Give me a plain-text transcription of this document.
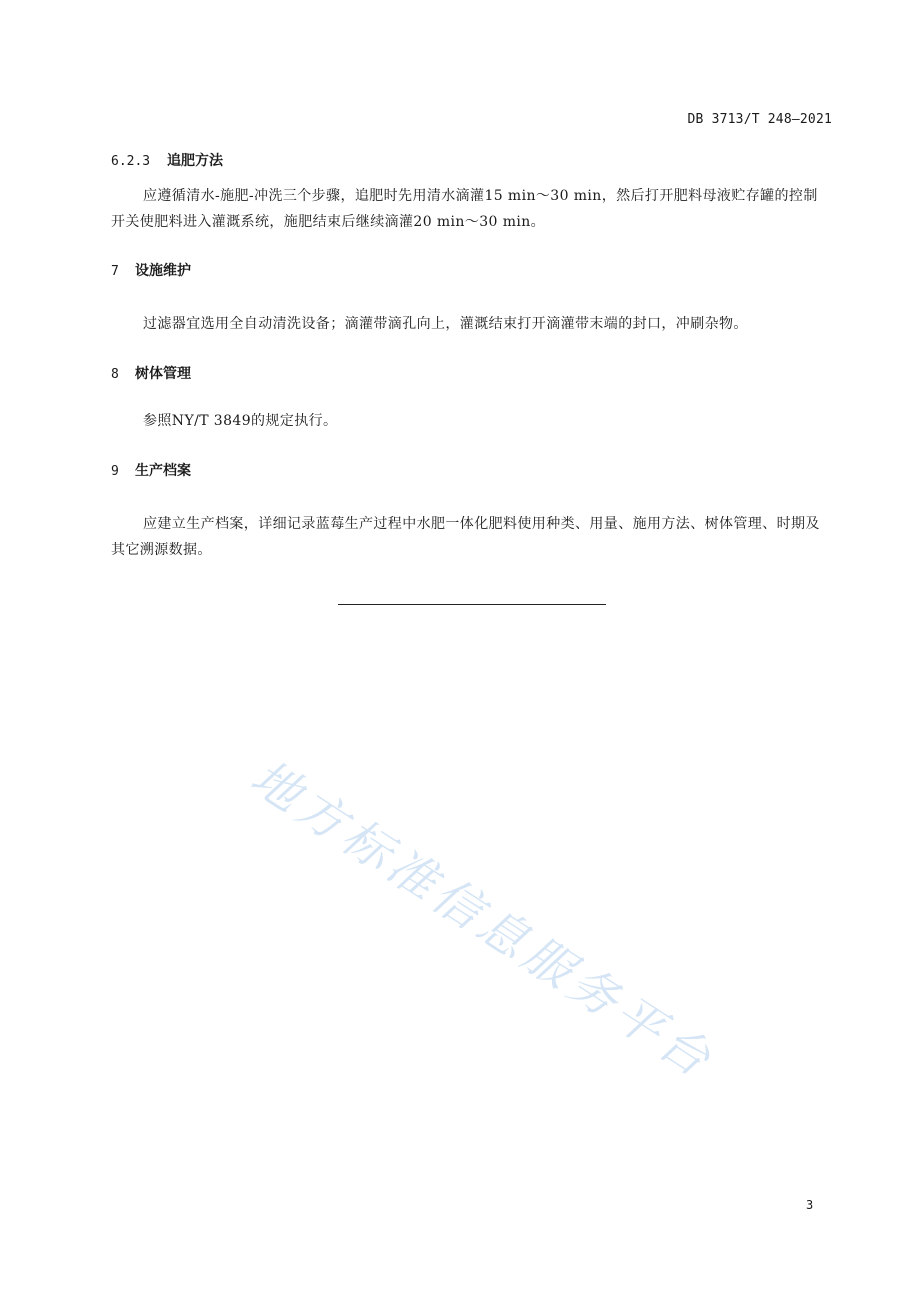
DB 3713/T 248—2021
6.2.3 追肥方法
应遵循清水-施肥-冲洗三个步骤，追肥时先用清水滴灌15 min～30 min，然后打开肥料母液贮存罐的控制开关使肥料进入灌溉系统，施肥结束后继续滴灌20 min～30 min。
7 设施维护
过滤器宜选用全自动清洗设备；滴灌带滴孔向上，灌溉结束打开滴灌带末端的封口，冲刷杂物。
8 树体管理
参照NY/T 3849的规定执行。
9 生产档案
应建立生产档案，详细记录蓝莓生产过程中水肥一体化肥料使用种类、用量、施用方法、树体管理、时期及其它溯源数据。
地方标准信息服务平台
3
